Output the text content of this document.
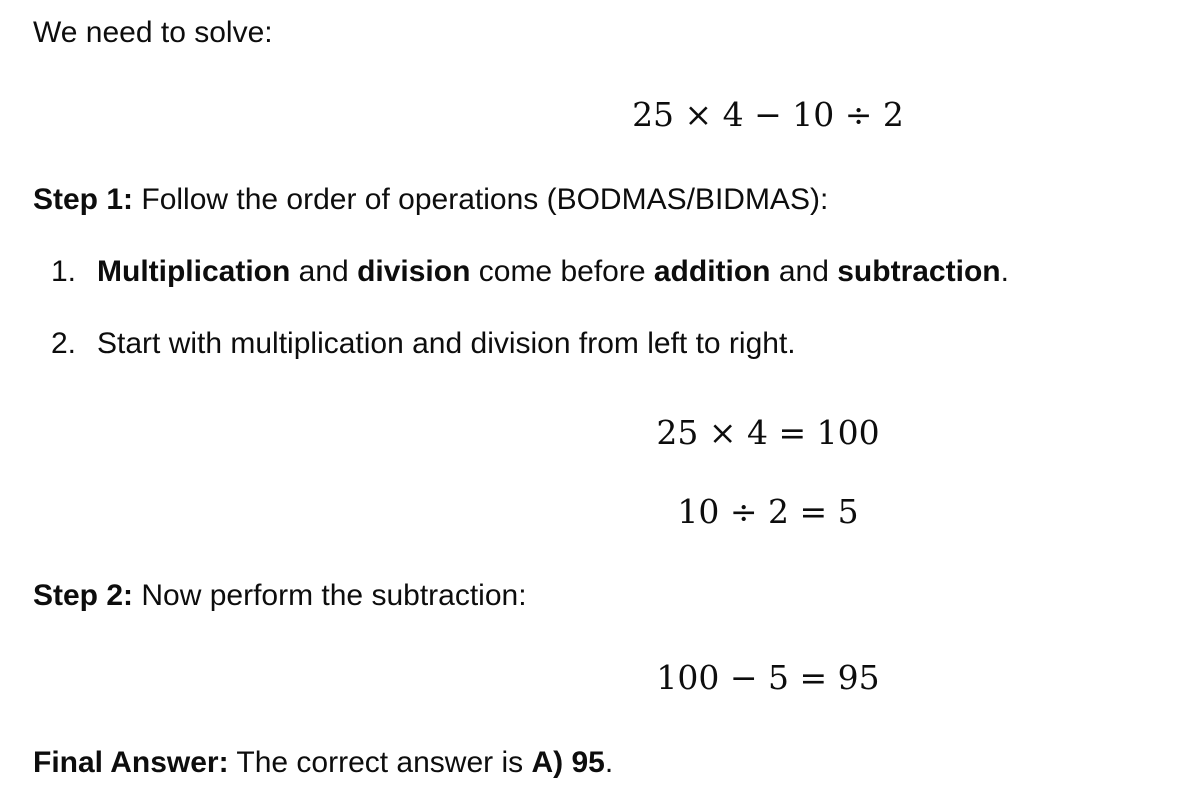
We need to solve:
25 × 4 − 10 ÷ 2
Step 1: Follow the order of operations (BODMAS/BIDMAS):
1. Multiplication and division come before addition and subtraction.
2. Start with multiplication and division from left to right.
25 × 4 = 100
10 ÷ 2 = 5
Step 2: Now perform the subtraction:
100 − 5 = 95
Final Answer: The correct answer is A) 95.
